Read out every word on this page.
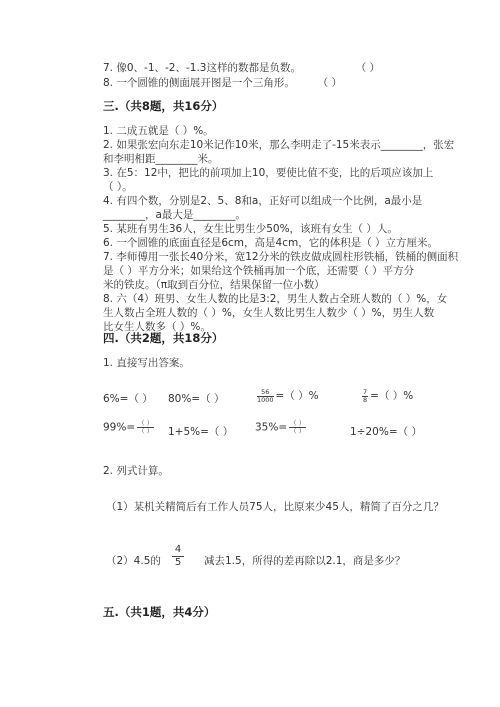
7. 像0、-1、-2、-1.3这样的数都是负数。	（ ）
8. 一个圆锥的侧面展开图是一个三角形。	（ ）
三.（共8题，共16分）
1. 二成五就是（ ）%。
2. 如果张宏向东走10米记作10米，那么李明走了-15米表示________，张宏
和李明相距________米。
3. 在5：12中，把比的前项加上10，要使比值不变，比的后项应该加上
（ ）。
4. 有四个数，分别是2、5、8和a，正好可以组成一个比例，a最小是
________，a最大是________。
5. 某班有男生36人，女生比男生少50%，该班有女生（ ）人。
6. 一个圆锥的底面直径是6cm，高是4cm，它的体积是（ ）立方厘米。
7. 李师傅用一张长40分米，宽12分米的铁皮做成圆柱形铁桶，铁桶的侧面积
是（ ）平方分米；如果给这个铁桶再加一个底，还需要（ ）平方分
米的铁皮。（π取到百分位，结果保留一位小数）
8. 六（4）班男、女生人数的比是3:2，男生人数占全班人数的（ ）%，女
生人数占全班人数的（ ）%，女生人数比男生人数少（ ）%，男生人数
比女生人数多（ ）%。
四.（共2题，共18分）
1. 直接写出答案。
6%=（ ） 80%=（ ）	$\frac{56}{1000}$ =（ ）%	$\frac{7}{8}$ =（ ）%
$99\%= \frac{( )}{( )} 1+5\%=$（ ） $35\%= \frac{( )}{( )}$	1÷20%=（ ）
2. 列式计算。
（1）某机关精简后有工作人员75人，比原来少45人，精简了百分之几？
（2）4.5的 $\frac{4}{5}$ 减去1.5，所得的差再除以2.1，商是多少？
五.（共1题，共4分）
